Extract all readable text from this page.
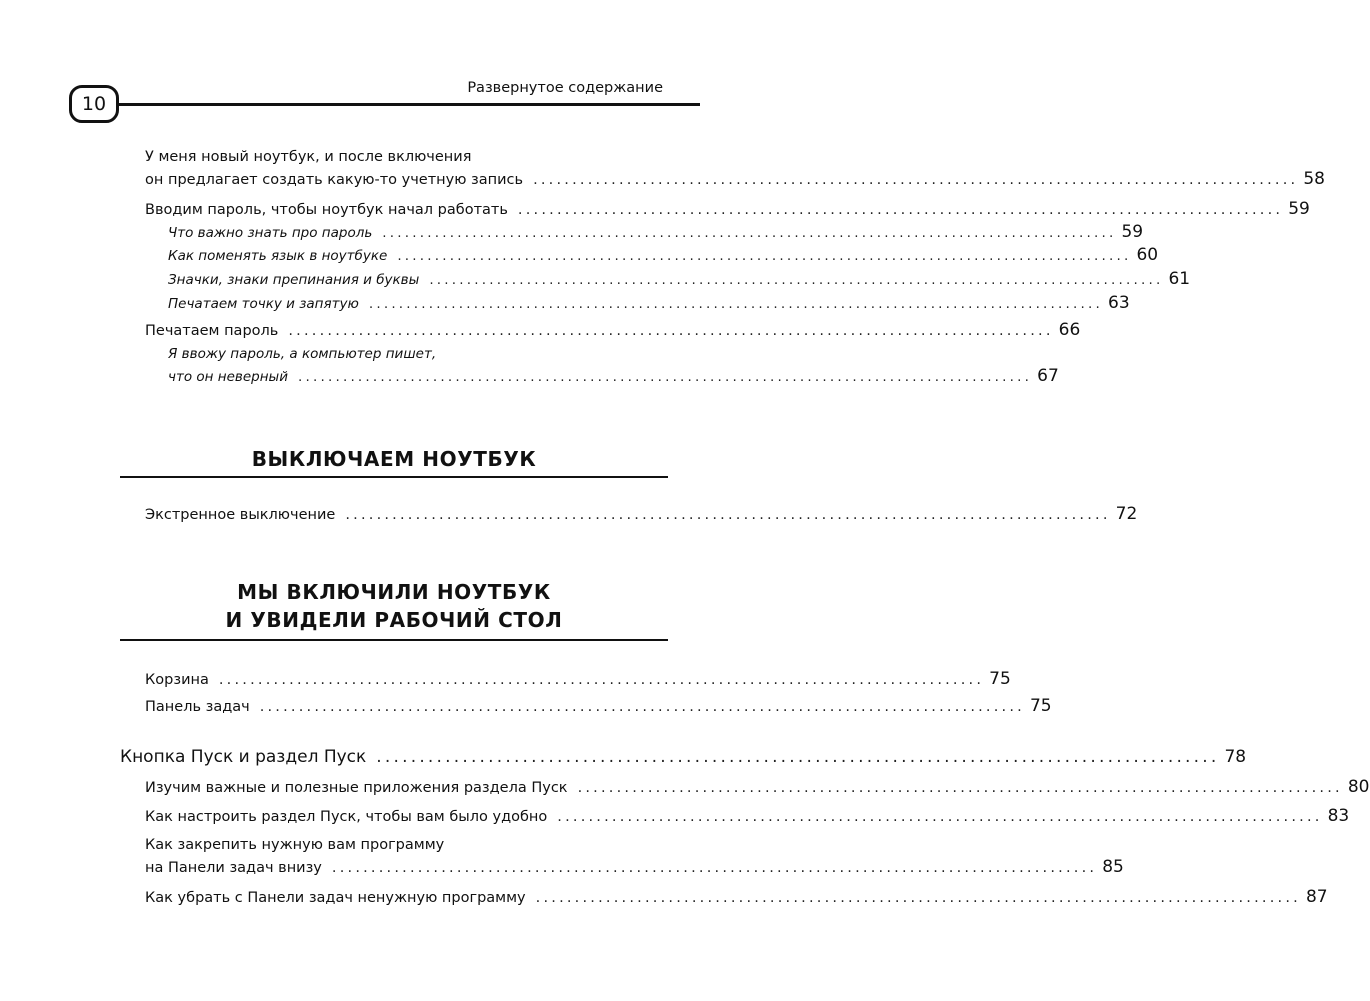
10
Развернутое содержание
У меня новый ноутбук, и после включения
он предлагает создать какую-то учетную запись .................................................................................................. 58
Вводим пароль, чтобы ноутбук начал работать .................................................................................................. 59
Что важно знать про пароль .................................................................................................. 59
Как поменять язык в ноутбуке .................................................................................................. 60
Значки, знаки препинания и буквы .................................................................................................. 61
Печатаем точку и запятую .................................................................................................. 63
Печатаем пароль .................................................................................................. 66
Я ввожу пароль, а компьютер пишет,
что он неверный .................................................................................................. 67
ВЫКЛЮЧАЕМ НОУТБУК
Экстренное выключение .................................................................................................. 72
МЫ ВКЛЮЧИЛИ НОУТБУК
И УВИДЕЛИ РАБОЧИЙ СТОЛ
Корзина .................................................................................................. 75
Панель задач .................................................................................................. 75
Кнопка Пуск и раздел Пуск .................................................................................................. 78
Изучим важные и полезные приложения раздела Пуск .................................................................................................. 80
Как настроить раздел Пуск, чтобы вам было удобно .................................................................................................. 83
Как закрепить нужную вам программу
на Панели задач внизу .................................................................................................. 85
Как убрать с Панели задач ненужную программу .................................................................................................. 87
